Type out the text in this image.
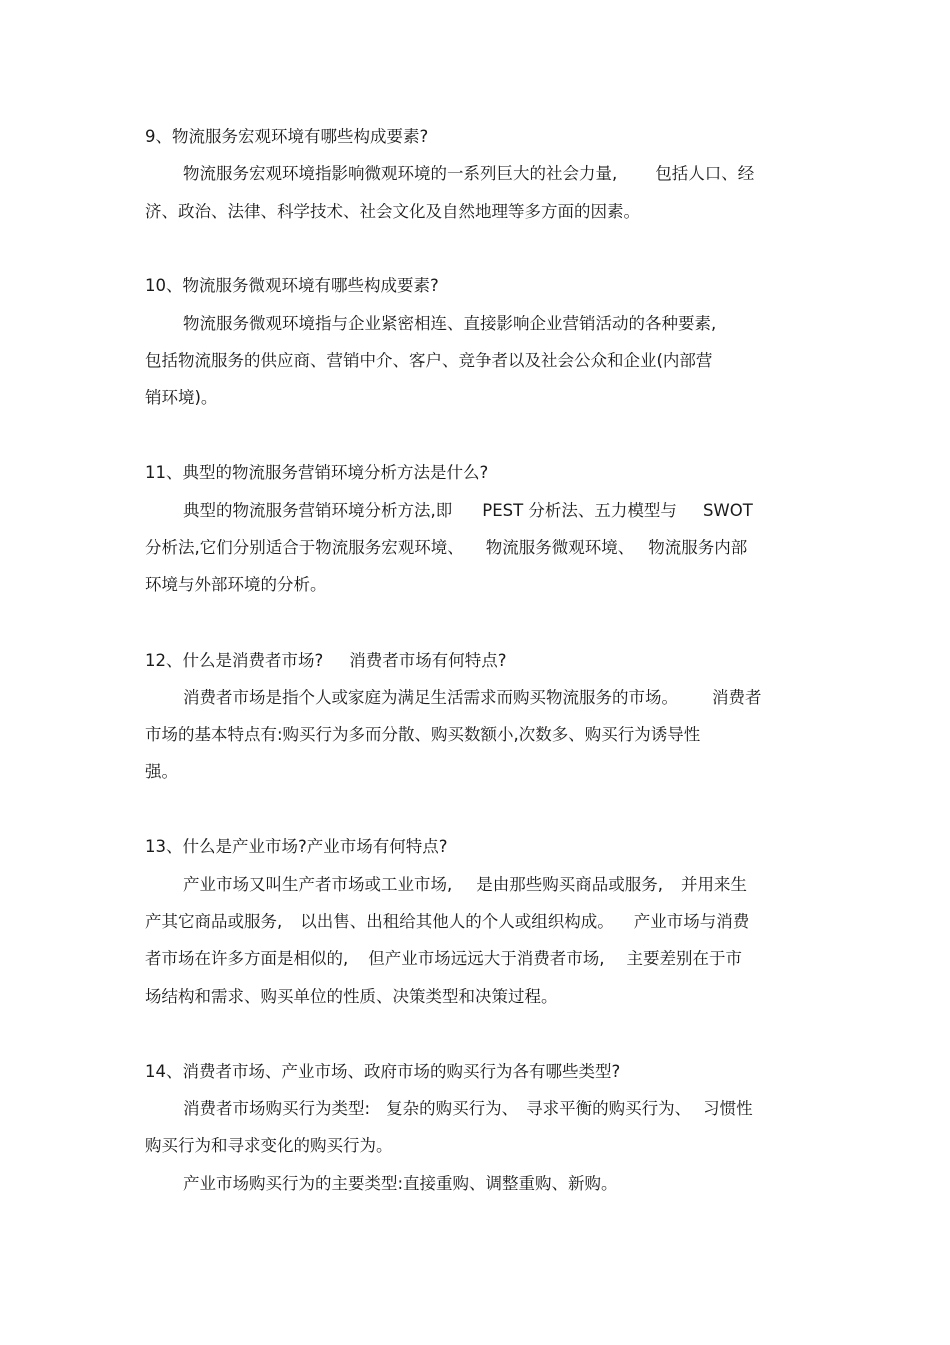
9、物流服务宏观环境有哪些构成要素?

物流服务宏观环境指影响微观环境的一系列巨大的社会力量, 包括人口、经

济、政治、法律、科学技术、社会文化及自然地理等多方面的因素。

10、物流服务微观环境有哪些构成要素?

物流服务微观环境指与企业紧密相连、直接影响企业营销活动的各种要素,

包括物流服务的供应商、营销中介、客户、竞争者以及社会公众和企业(内部营

销环境)。

11、典型的物流服务营销环境分析方法是什么?

典型的物流服务营销环境分析方法,即 PEST 分析法、五力模型与 SWOT

分析法,它们分别适合于物流服务宏观环境、 物流服务微观环境、 物流服务内部

环境与外部环境的分析。

12、什么是消费者市场? 消费者市场有何特点?

消费者市场是指个人或家庭为满足生活需求而购买物流服务的市场。 消费者

市场的基本特点有:购买行为多而分散、购买数额小,次数多、购买行为诱导性

强。

13、什么是产业市场?产业市场有何特点?

产业市场又叫生产者市场或工业市场, 是由那些购买商品或服务, 并用来生

产其它商品或服务, 以出售、出租给其他人的个人或组织构成。 产业市场与消费

者市场在许多方面是相似的, 但产业市场远远大于消费者市场, 主要差别在于市

场结构和需求、购买单位的性质、决策类型和决策过程。

14、消费者市场、产业市场、政府市场的购买行为各有哪些类型?

消费者市场购买行为类型: 复杂的购买行为、 寻求平衡的购买行为、 习惯性

购买行为和寻求变化的购买行为。

产业市场购买行为的主要类型:直接重购、调整重购、新购。
